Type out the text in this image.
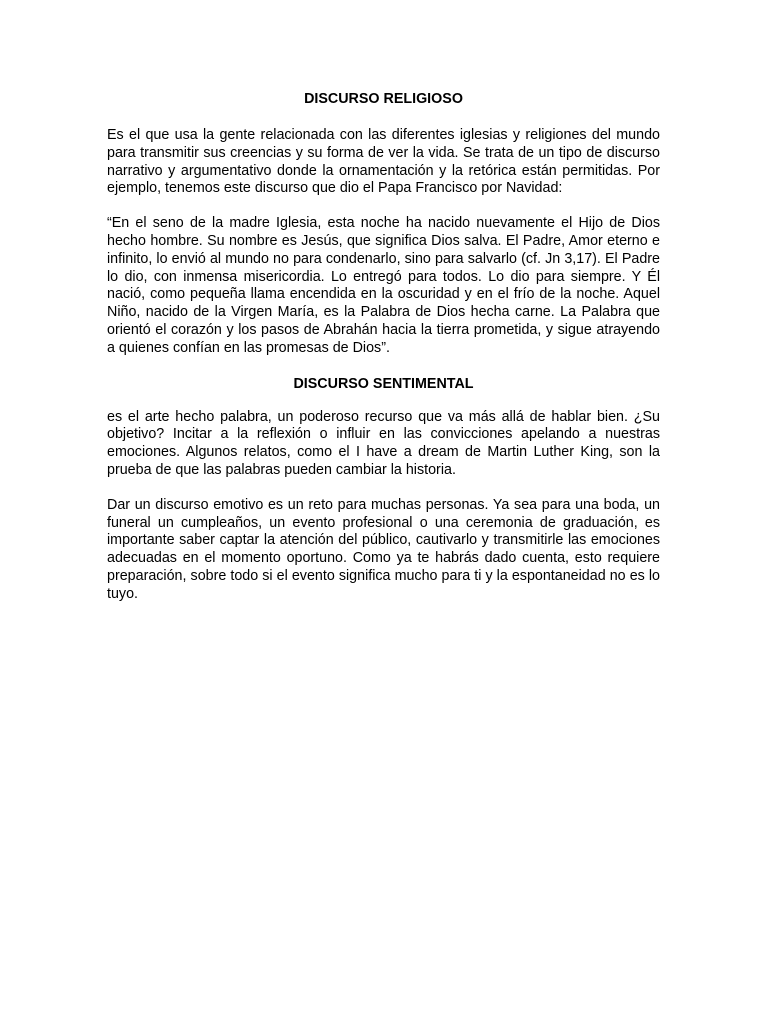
DISCURSO RELIGIOSO

Es el que usa la gente relacionada con las diferentes iglesias y religiones del mundo para transmitir sus creencias y su forma de ver la vida. Se trata de un tipo de discurso narrativo y argumentativo donde la ornamentación y la retórica están permitidas. Por ejemplo, tenemos este discurso que dio el Papa Francisco por Navidad:

“En el seno de la madre Iglesia, esta noche ha nacido nuevamente el Hijo de Dios hecho hombre. Su nombre es Jesús, que significa Dios salva. El Padre, Amor eterno e infinito, lo envió al mundo no para condenarlo, sino para salvarlo (cf. Jn 3,17). El Padre lo dio, con inmensa misericordia. Lo entregó para todos. Lo dio para siempre. Y Él nació, como pequeña llama encendida en la oscuridad y en el frío de la noche. Aquel Niño, nacido de la Virgen María, es la Palabra de Dios hecha carne. La Palabra que orientó el corazón y los pasos de Abrahán hacia la tierra prometida, y sigue atrayendo a quienes confían en las promesas de Dios”.

DISCURSO SENTIMENTAL

es el arte hecho palabra, un poderoso recurso que va más allá de hablar bien. ¿Su objetivo? Incitar a la reflexión o influir en las convicciones apelando a nuestras emociones. Algunos relatos, como el I have a dream de Martin Luther King, son la prueba de que las palabras pueden cambiar la historia.

Dar un discurso emotivo es un reto para muchas personas. Ya sea para una boda, un funeral un cumpleaños, un evento profesional o una ceremonia de graduación, es importante saber captar la atención del público, cautivarlo y transmitirle las emociones adecuadas en el momento oportuno. Como ya te habrás dado cuenta, esto requiere preparación, sobre todo si el evento significa mucho para ti y la espontaneidad no es lo tuyo.
